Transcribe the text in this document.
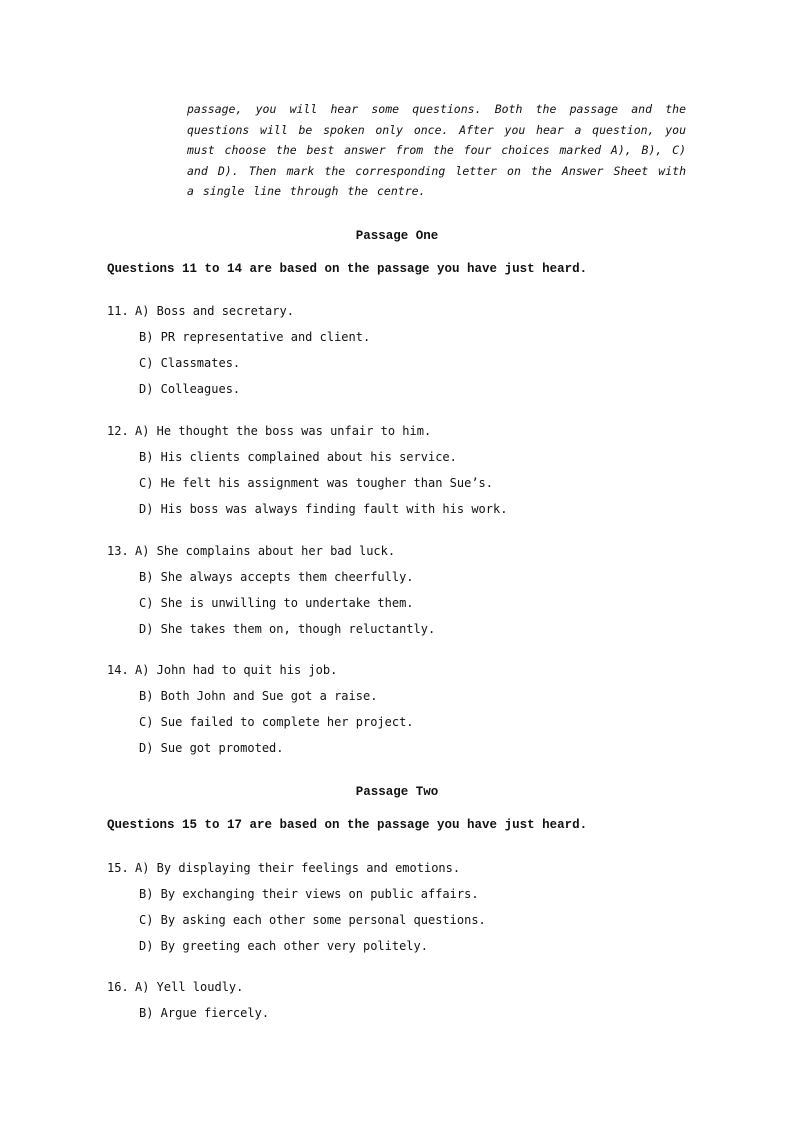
passage, you will hear some questions. Both the passage and the questions will be spoken only once. After you hear a question, you must choose the best answer from the four choices marked A), B), C) and D). Then mark the corresponding letter on the Answer Sheet with a single line through the centre.
Passage One
Questions 11 to 14 are based on the passage you have just heard.
11. A) Boss and secretary.
B) PR representative and client.
C) Classmates.
D) Colleagues.
12. A) He thought the boss was unfair to him.
B) His clients complained about his service.
C) He felt his assignment was tougher than Sue’s.
D) His boss was always finding fault with his work.
13. A) She complains about her bad luck.
B) She always accepts them cheerfully.
C) She is unwilling to undertake them.
D) She takes them on, though reluctantly.
14. A) John had to quit his job.
B) Both John and Sue got a raise.
C) Sue failed to complete her project.
D) Sue got promoted.
Passage Two
Questions 15 to 17 are based on the passage you have just heard.
15. A) By displaying their feelings and emotions.
B) By exchanging their views on public affairs.
C) By asking each other some personal questions.
D) By greeting each other very politely.
16. A) Yell loudly.
B) Argue fiercely.
